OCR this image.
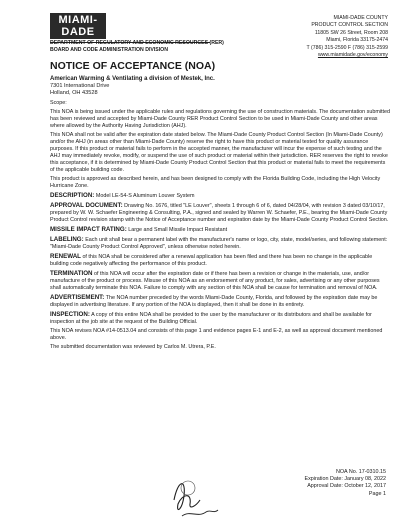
MIAMI-DADE
DEPARTMENT OF REGULATORY AND ECONOMIC RESOURCES (RER)
BOARD AND CODE ADMINISTRATION DIVISION
NOTICE OF ACCEPTANCE (NOA)
MIAMI-DADE COUNTY
PRODUCT CONTROL SECTION
11805 SW 26 Street, Room 208
Miami, Florida 33175-2474
T (786) 315-2590 F (786) 315-2599
www.miamidade.gov/economy
American Warming & Ventilating a division of Mestek, Inc.
7301 International Drive
Holland, OH 43528

Scope:

This NOA is being issued under the applicable rules and regulations governing the use of construction materials. The documentation submitted has been reviewed and accepted by Miami-Dade County RER Product Control Section to be used in Miami-Dade County and other areas where allowed by the Authority Having Jurisdiction (AHJ).

This NOA shall not be valid after the expiration date stated below. The Miami-Dade County Product Control Section (In Miami-Dade County) and/or the AHJ (in areas other than Miami-Dade County) reserve the right to have this product or material tested for quality assurance purposes. If this product or material fails to perform in the accepted manner, the manufacturer will incur the expense of such testing and the AHJ may immediately revoke, modify, or suspend the use of such product or material within their jurisdiction. RER reserves the right to revoke this acceptance, if it is determined by Miami-Dade County Product Control Section that this product or material fails to meet the requirements of the applicable building code.

This product is approved as described herein, and has been designed to comply with the Florida Building Code, including the High Velocity Hurricane Zone.

DESCRIPTION: Model LE-54-S Aluminum Louver System

APPROVAL DOCUMENT: Drawing No. 1676, titled "LE Louver", sheets 1 through 6 of 6, dated 04/28/04, with revision 3 dated 03/10/17, prepared by W. W. Schaefer Engineering & Consulting, P.A., signed and sealed by Warren W. Schaefer, P.E., bearing the Miami-Dade County Product Control revision stamp with the Notice of Acceptance number and expiration date by the Miami-Dade County Product Control Section.

MISSILE IMPACT RATING: Large and Small Missile Impact Resistant

LABELING: Each unit shall bear a permanent label with the manufacturer's name or logo, city, state, model/series, and following statement: "Miami-Dade County Product Control Approved", unless otherwise noted herein.

RENEWAL of this NOA shall be considered after a renewal application has been filed and there has been no change in the applicable building code negatively affecting the performance of this product.

TERMINATION of this NOA will occur after the expiration date or if there has been a revision or change in the materials, use, and/or manufacture of the product or process. Misuse of this NOA as an endorsement of any product, for sales, advertising or any other purposes shall automatically terminate this NOA. Failure to comply with any section of this NOA shall be cause for termination and removal of NOA.

ADVERTISEMENT: The NOA number preceded by the words Miami-Dade County, Florida, and followed by the expiration date may be displayed in advertising literature. If any portion of the NOA is displayed, then it shall be done in its entirety.

INSPECTION: A copy of this entire NOA shall be provided to the user by the manufacturer or its distributors and shall be available for inspection at the job site at the request of the Building Official.

This NOA revises NOA #14-0513.04 and consists of this page 1 and evidence pages E-1 and E-2, as well as approval document mentioned above.

The submitted documentation was reviewed by Carlos M. Utrera, P.E.

NOA No. 17-0310.15
Expiration Date: January 08, 2022
Approval Date: October 12, 2017
Page 1
